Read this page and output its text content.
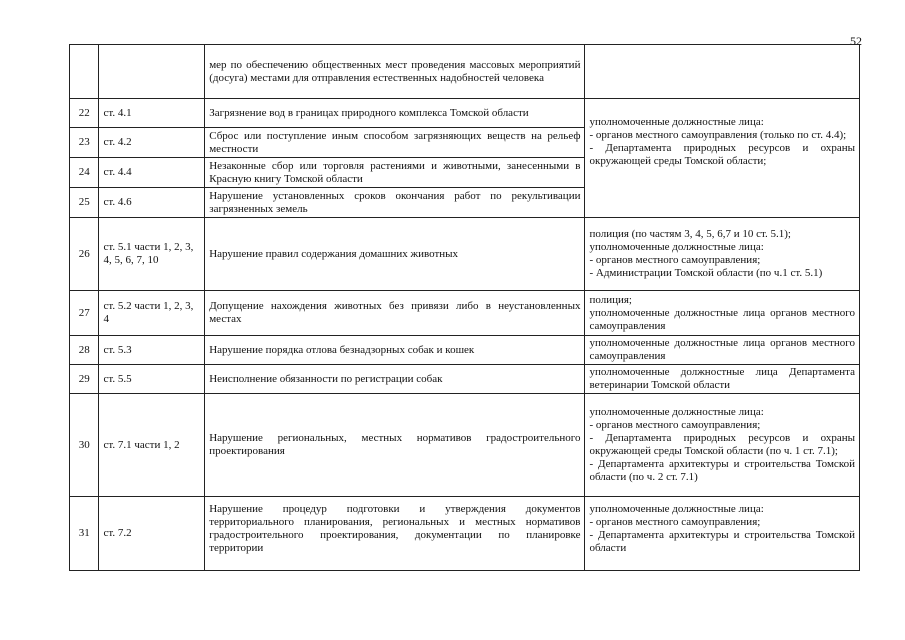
52
		мер по обеспечению общественных мест проведения массовых мероприятий (досуга) местами для отправления естественных надобностей человека	
22	ст. 4.1	Загрязнение вод в границах природного комплекса Томской области	уполномоченные должностные лица:
- органов местного самоуправления (только по ст. 4.4);
- Департамента природных ресурсов и охраны окружающей среды Томской области;

23	ст. 4.2	Сброс или поступление иным способом загрязняющих веществ на рельеф местности	
24	ст. 4.4	Незаконные сбор или торговля растениями и животными, занесенными в Красную книгу Томской области	
25	ст. 4.6	Нарушение установленных сроков окончания работ по рекультивации загрязненных земель	
26	ст. 5.1 части 1, 2, 3, 4, 5, 6, 7, 10	Нарушение правил содержания домашних животных	полиция (по частям 3, 4, 5, 6,7 и 10 ст. 5.1);
уполномоченные должностные лица:
- органов местного самоуправления;
- Администрации Томской области (по ч.1 ст. 5.1)

27	ст. 5.2 части 1, 2, 3, 4	Допущение нахождения животных без привязи либо в неустановленных местах	полиция;
уполномоченные должностные лица органов местного самоуправления

28	ст. 5.3	Нарушение порядка отлова безнадзорных собак и кошек	уполномоченные должностные лица органов местного самоуправления

29	ст. 5.5	Неисполнение обязанности по регистрации собак	уполномоченные должностные лица Департамента ветеринарии Томской области

30	ст. 7.1 части 1, 2	Нарушение региональных, местных нормативов градостроительного проектирования	уполномоченные должностные лица:
- органов местного самоуправления;
- Департамента природных ресурсов и охраны окружающей среды Томской области (по ч. 1 ст. 7.1);
- Департамента архитектуры и строительства Томской области (по ч. 2 ст. 7.1)

31	ст. 7.2	Нарушение процедур подготовки и утверждения документов территориального планирования, региональных и местных нормативов градостроительного проектирования, документации по планировке территории	уполномоченные должностные лица:
- органов местного самоуправления;
- Департамента архитектуры и строительства Томской области
